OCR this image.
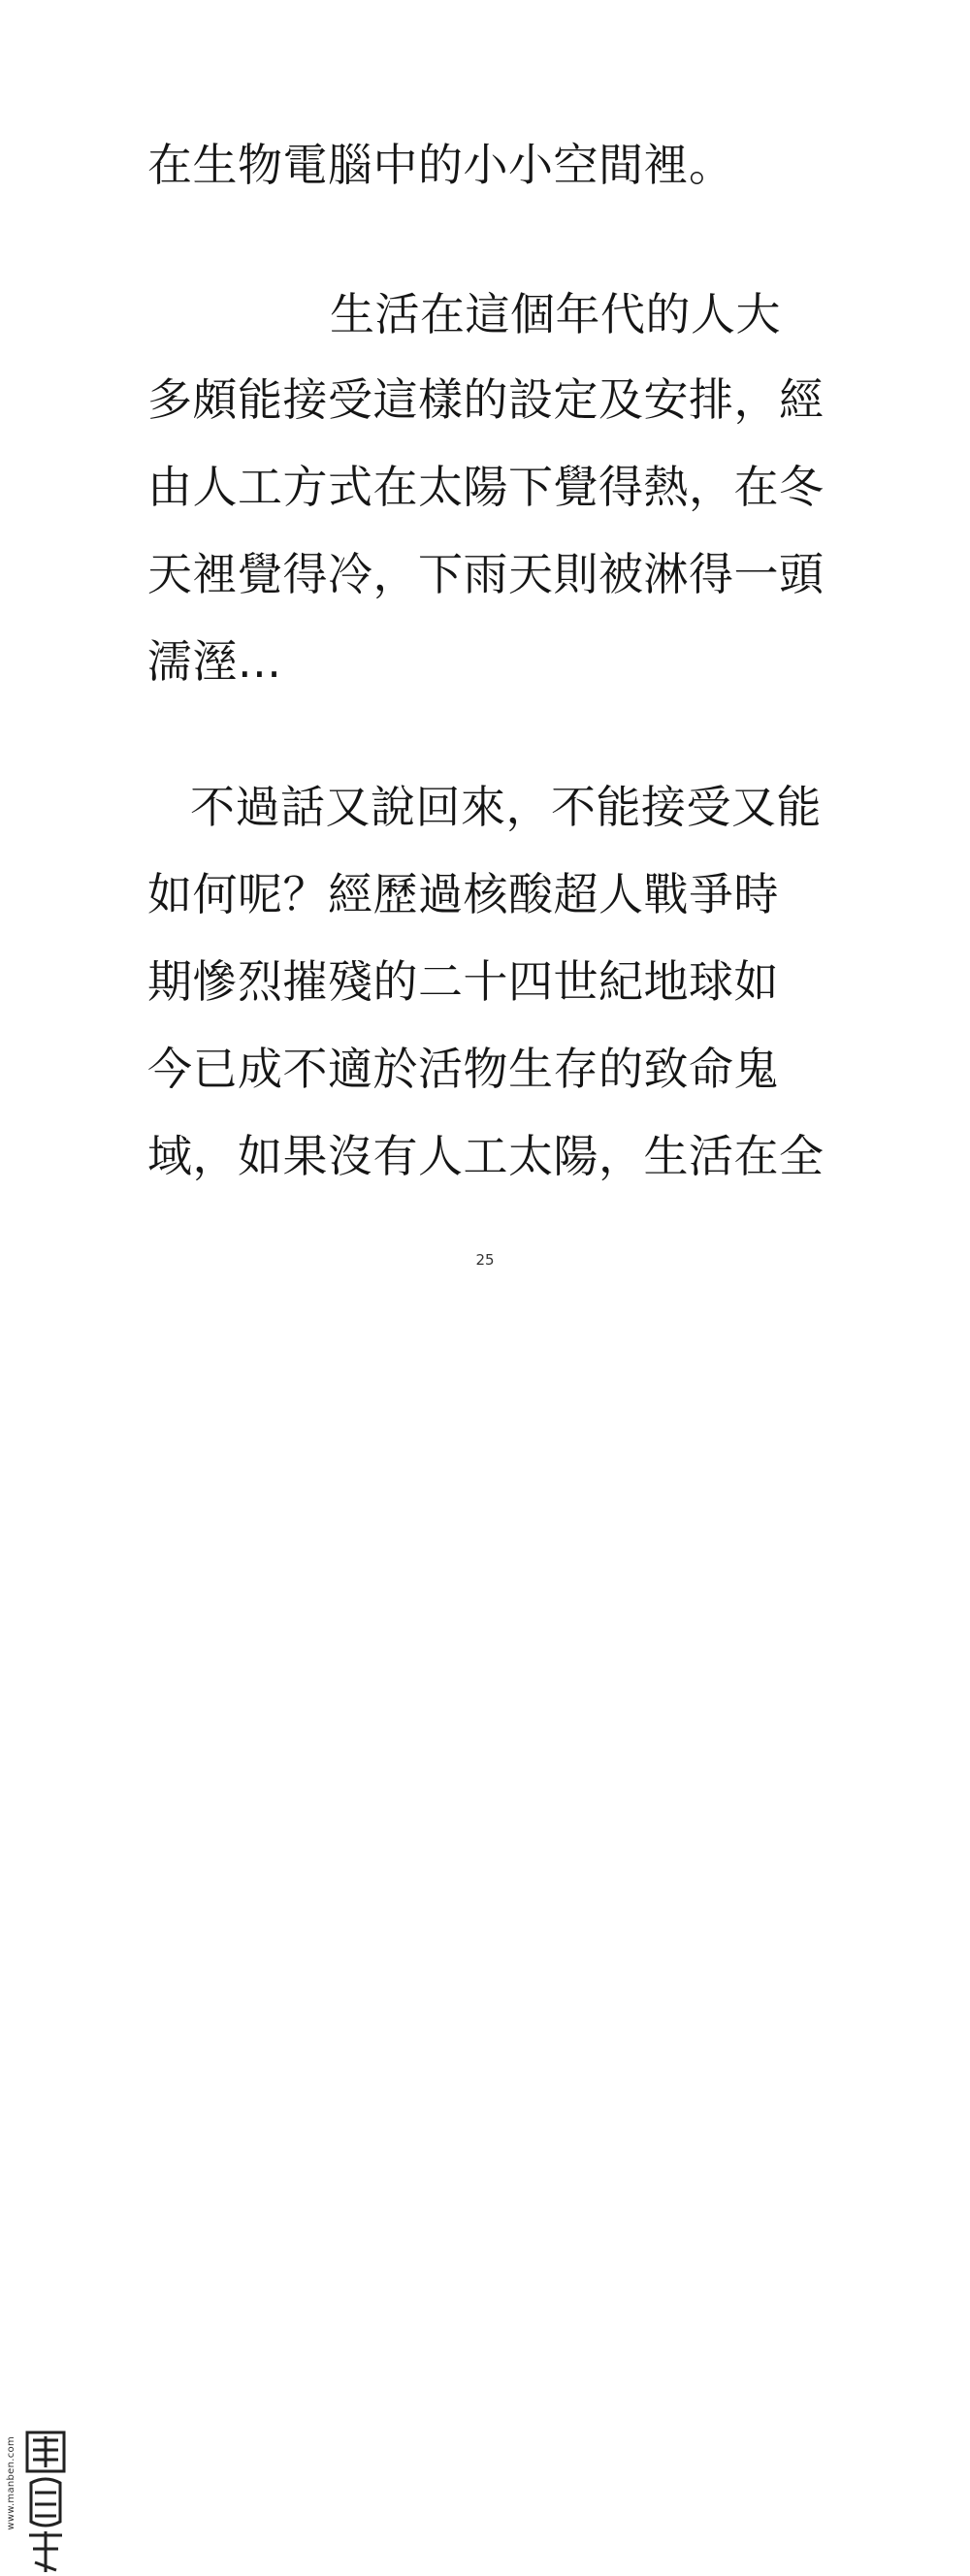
在生物電腦中的小小空間裡。
生活在這個年代的人大
多頗能接受這樣的設定及安排，經
由人工方式在太陽下覺得熱，在冬
天裡覺得冷，下雨天則被淋得一頭
濡溼...
不過話又說回來，不能接受又能
如何呢？經歷過核酸超人戰爭時
期慘烈摧殘的二十四世紀地球如
今已成不適於活物生存的致命鬼
域，如果沒有人工太陽，生活在全
25
www.manben.com
